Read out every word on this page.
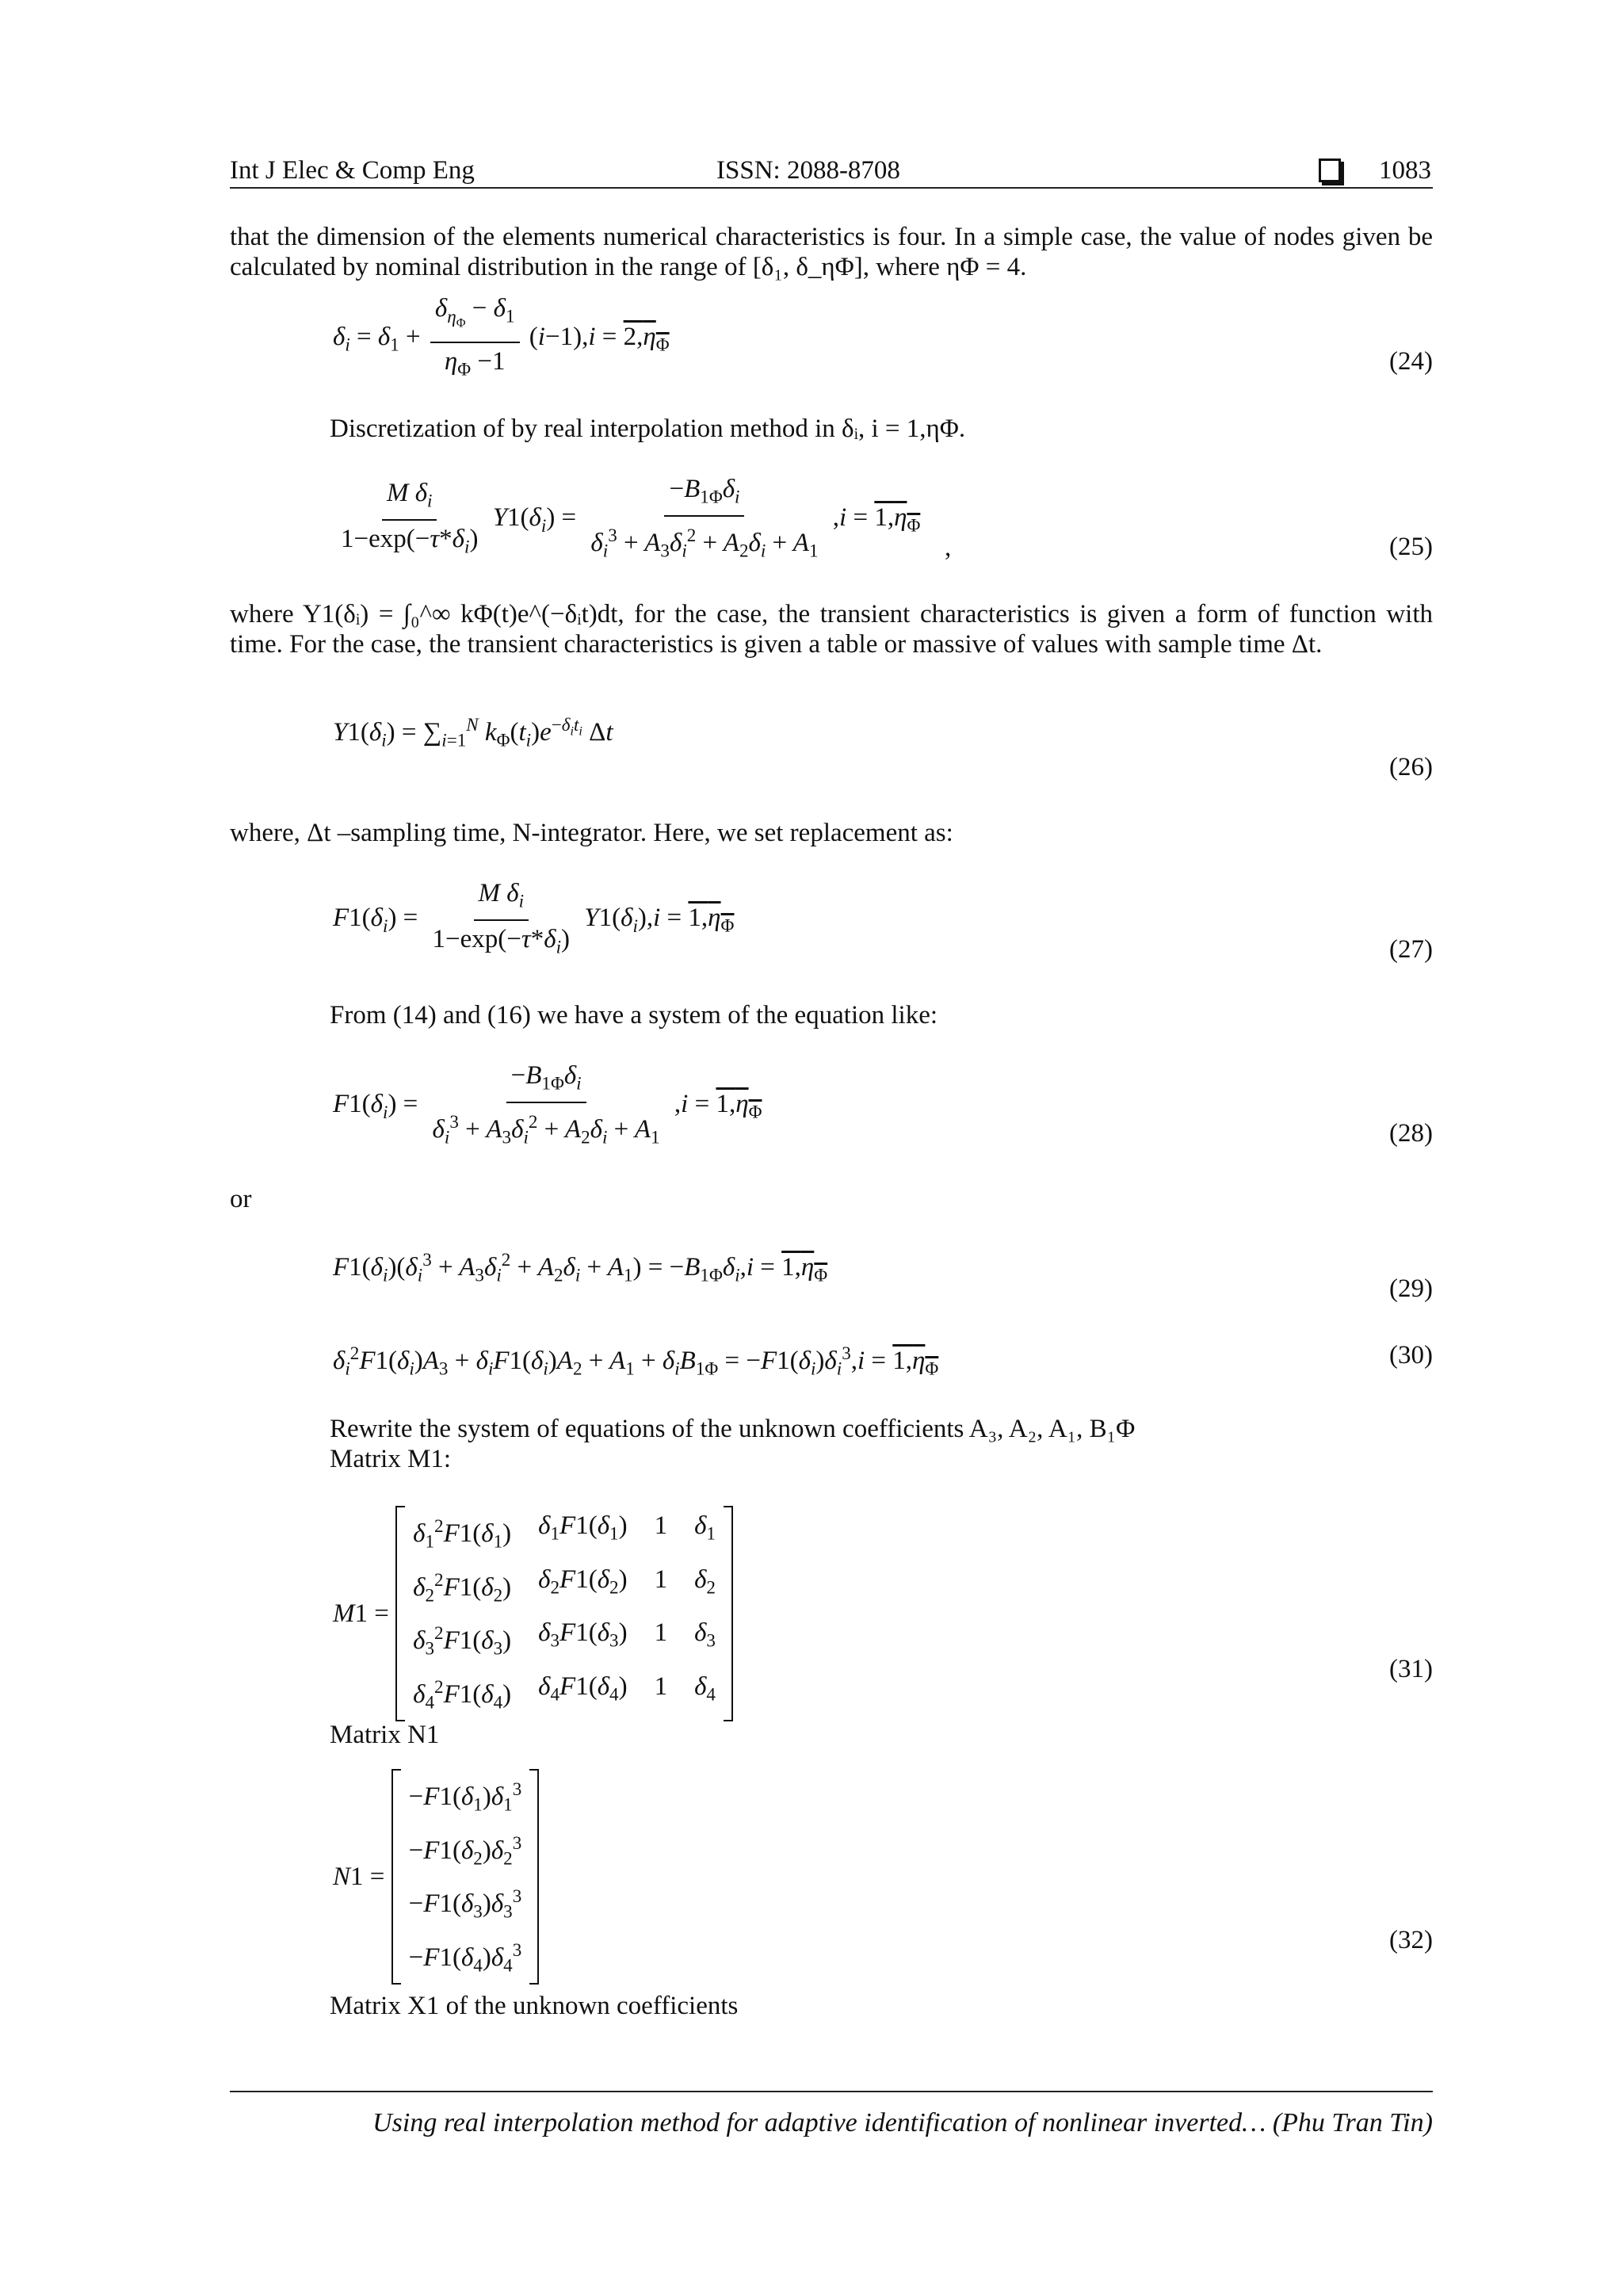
Int J Elec & Comp Eng	ISSN: 2088-8708	1083
that the dimension of the elements numerical characteristics is four. In a simple case, the value of nodes given be calculated by nominal distribution in the range of [δ₁, δ_ηΦ], where ηΦ = 4.
$\delta_i = \delta_1 + \frac{\delta_{\eta_\Phi} - \delta_1}{\eta_\Phi -1} (i-1),i = 2,\eta_\Phi$
(24)
Discretization of by real interpolation method in δᵢ, i = 1,ηΦ.
$\frac{M \delta_i}{1-\exp(-\tau*\delta_i)} Y1(\delta_i) = \frac{-B_{1\Phi}\delta_i}{\delta_i^3 + A_3\delta_i^2 + A_2\delta_i + A_1} ,i = 1,\eta_\Phi$
,	(25)
where Y1(δᵢ) = ∫₀^∞ kΦ(t)e^(−δᵢt)dt, for the case, the transient characteristics is given a form of function with time. For the case, the transient characteristics is given a table or massive of values with sample time Δt.
$Y1(\delta_i) = \sum_{i=1}^N$ $k_\Phi(t_i)e^{-\delta_it_i}$ Δt
(26)
where, Δt –sampling time, N-integrator. Here, we set replacement as:
$F1(\delta_i) = \frac{M \delta_i}{1-\exp(-\tau*\delta_i)} Y1(\delta_i),i = 1,\eta_\Phi$
(27)
From (14) and (16) we have a system of the equation like:
$F1(\delta_i) = \frac{-B_{1\Phi}\delta_i}{\delta_i^3 + A_3\delta_i^2 + A_2\delta_i + A_1} ,i = 1,\eta_\Phi$
(28)
or
$F1(\delta_i)(\delta_i^3 + A_3\delta_i^2 + A_2\delta_i + A_1) = -B_{1\Phi}\delta_i,i = 1,\eta_\Phi$	(29)
$\delta_i^2F1(\delta_i)A_3 + \delta_iF1(\delta_i)A_2 + A_1 + \delta_iB_{1\Phi} = -F1(\delta_i)\delta_i^3,i = 1,\eta_\Phi$	(30)
Rewrite the system of equations of the unknown coefficients A₃, A₂, A₁, B₁Φ
Matrix M1:
M1 =
$\delta_1^2F1(\delta_1)$ $\delta_1F1(\delta_1)$ 1 $\delta_1$
$\delta_2^2F1(\delta_2)$ $\delta_2F1(\delta_2)$ 1 $\delta_2$
$\delta_3^2F1(\delta_3)$ $\delta_3F1(\delta_3)$ 1 $\delta_3$
$\delta_4^2F1(\delta_4)$ $\delta_4F1(\delta_4)$ 1 $\delta_4$
(31)
Matrix N1
N1 =
$-F1(\delta_1)\delta_1^3$
$-F1(\delta_2)\delta_2^3$
$-F1(\delta_3)\delta_3^3$
$-F1(\delta_4)\delta_4^3$	(32)
Matrix X1 of the unknown coefficients
Using real interpolation method for adaptive identification of nonlinear inverted… (Phu Tran Tin)
